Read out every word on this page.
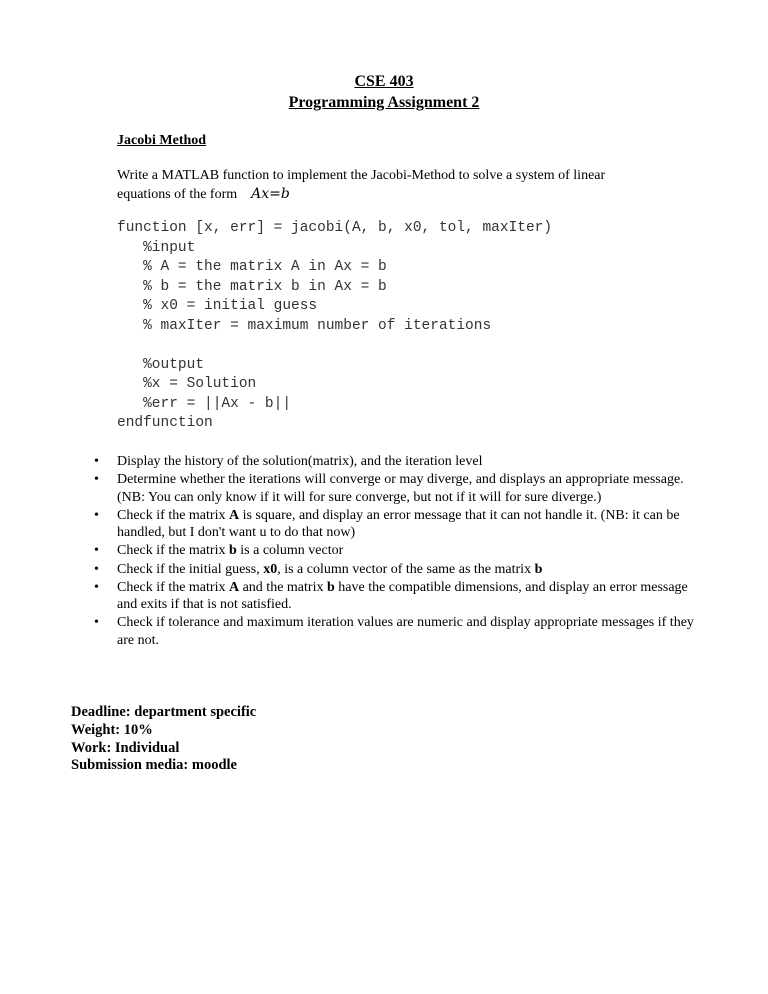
CSE 403
Programming Assignment 2
Jacobi Method
Write a MATLAB function to implement the Jacobi-Method to solve a system of linear
equations of the form Ax=b
function [x, err] = jacobi(A, b, x0, tol, maxIter)
%input
% A = the matrix A in Ax = b
% b = the matrix b in Ax = b
% x0 = initial guess
% maxIter = maximum number of iterations

%output
%x = Solution
%err = ||Ax - b||
endfunction
• Display the history of the solution(matrix), and the iteration level
• Determine whether the iterations will converge or may diverge, and displays an appropriate message. (NB: You can only know if it will for sure converge, but not if it will for sure diverge.)
• Check if the matrix A is square, and display an error message that it can not handle it. (NB: it can be handled, but I don't want u to do that now)
• Check if the matrix b is a column vector
• Check if the initial guess, x0, is a column vector of the same as the matrix b
• Check if the matrix A and the matrix b have the compatible dimensions, and display an error message and exits if that is not satisfied.
• Check if tolerance and maximum iteration values are numeric and display appropriate messages if they are not.
Deadline: department specific
Weight: 10%
Work: Individual
Submission media: moodle
